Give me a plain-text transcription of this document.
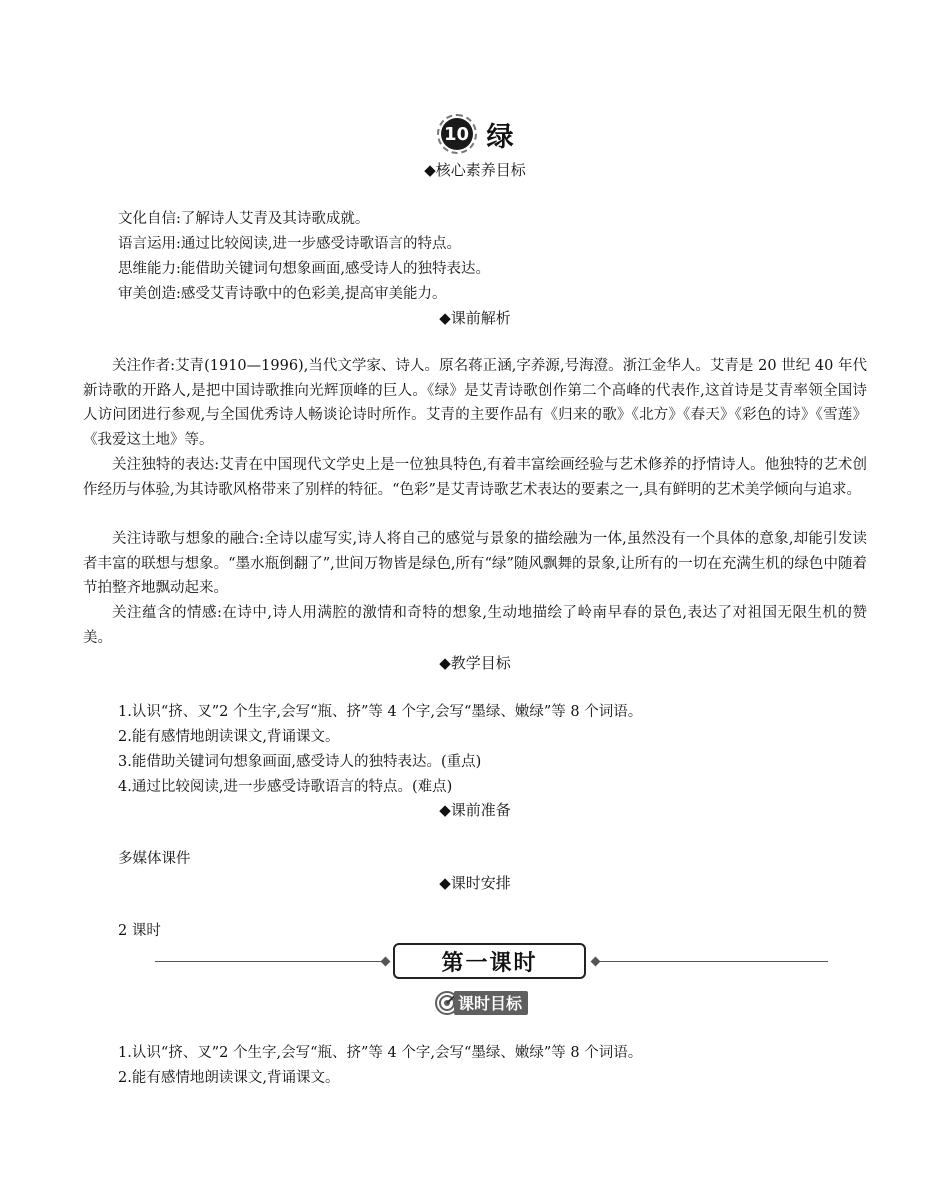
10 绿
◆核心素养目标
文化自信:了解诗人艾青及其诗歌成就。
语言运用:通过比较阅读,进一步感受诗歌语言的特点。
思维能力:能借助关键词句想象画面,感受诗人的独特表达。
审美创造:感受艾青诗歌中的色彩美,提高审美能力。
◆课前解析
关注作者:艾青(1910—1996),当代文学家、诗人。原名蒋正涵,字养源,号海澄。浙江金华人。艾青是 20 世纪 40 年代新诗歌的开路人,是把中国诗歌推向光辉顶峰的巨人。《绿》是艾青诗歌创作第二个高峰的代表作,这首诗是艾青率领全国诗人访问团进行参观,与全国优秀诗人畅谈论诗时所作。艾青的主要作品有《归来的歌》《北方》《春天》《彩色的诗》《雪莲》《我爱这土地》等。
关注独特的表达:艾青在中国现代文学史上是一位独具特色,有着丰富绘画经验与艺术修养的抒情诗人。他独特的艺术创作经历与体验,为其诗歌风格带来了别样的特征。“色彩”是艾青诗歌艺术表达的要素之一,具有鲜明的艺术美学倾向与追求。
关注诗歌与想象的融合:全诗以虚写实,诗人将自己的感觉与景象的描绘融为一体,虽然没有一个具体的意象,却能引发读者丰富的联想与想象。“墨水瓶倒翻了”,世间万物皆是绿色,所有“绿”随风飘舞的景象,让所有的一切在充满生机的绿色中随着节拍整齐地飘动起来。
关注蕴含的情感:在诗中,诗人用满腔的激情和奇特的想象,生动地描绘了岭南早春的景色,表达了对祖国无限生机的赞美。
◆教学目标
1.认识“挤、叉”2 个生字,会写“瓶、挤”等 4 个字,会写“墨绿、嫩绿”等 8 个词语。
2.能有感情地朗读课文,背诵课文。
3.能借助关键词句想象画面,感受诗人的独特表达。(重点)
4.通过比较阅读,进一步感受诗歌语言的特点。(难点)
◆课前准备
多媒体课件
◆课时安排
2 课时
第一课时
课时目标
1.认识“挤、叉”2 个生字,会写“瓶、挤”等 4 个字,会写“墨绿、嫩绿”等 8 个词语。
2.能有感情地朗读课文,背诵课文。
